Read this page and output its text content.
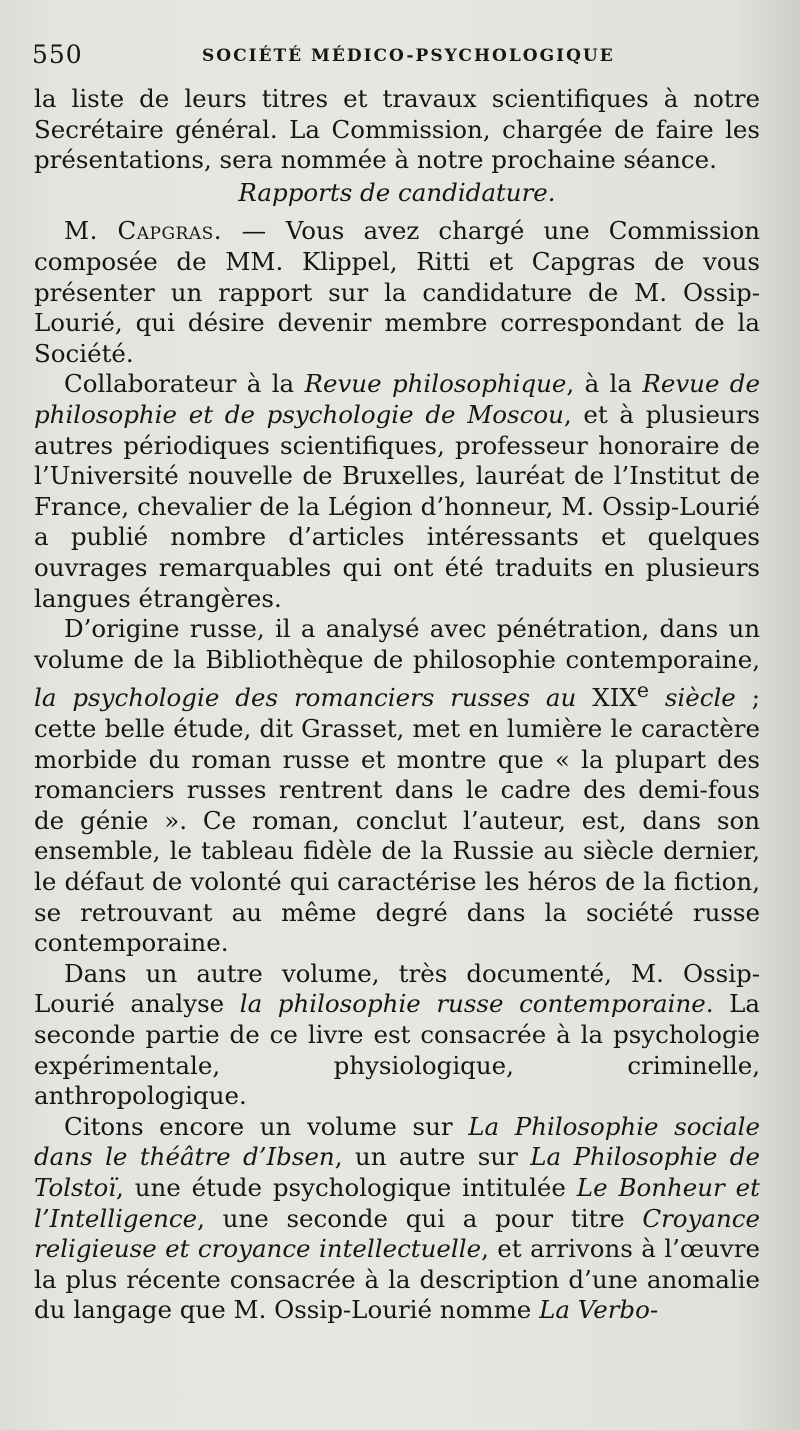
550	SOCIÉTÉ MÉDICO-PSYCHOLOGIQUE

la liste de leurs titres et travaux scientifiques à notre Secrétaire général. La Commission, chargée de faire les présentations, sera nommée à notre prochaine séance.

Rapports de candidature.

M. Capgras. — Vous avez chargé une Commission composée de MM. Klippel, Ritti et Capgras de vous présenter un rapport sur la candidature de M. Ossip-Lourié, qui désire devenir membre correspondant de la Société.

Collaborateur à la Revue philosophique, à la Revue de philosophie et de psychologie de Moscou, et à plusieurs autres périodiques scientifiques, professeur honoraire de l’Université nouvelle de Bruxelles, lauréat de l’Institut de France, chevalier de la Légion d’honneur, M. Ossip-Lourié a publié nombre d’articles intéressants et quelques ouvrages remarquables qui ont été traduits en plusieurs langues étrangères.

D’origine russe, il a analysé avec pénétration, dans un volume de la Bibliothèque de philosophie contemporaine, la psychologie des romanciers russes au XIXe siècle ; cette belle étude, dit Grasset, met en lumière le caractère morbide du roman russe et montre que « la plupart des romanciers russes rentrent dans le cadre des demi-fous de génie ». Ce roman, conclut l’auteur, est, dans son ensemble, le tableau fidèle de la Russie au siècle dernier, le défaut de volonté qui caractérise les héros de la fiction, se retrouvant au même degré dans la société russe contemporaine.

Dans un autre volume, très documenté, M. Ossip-Lourié analyse la philosophie russe contemporaine. La seconde partie de ce livre est consacrée à la psychologie expérimentale, physiologique, criminelle, anthropologique.

Citons encore un volume sur La Philosophie sociale dans le théâtre d’Ibsen, un autre sur La Philosophie de Tolstoï, une étude psychologique intitulée Le Bonheur et l’Intelligence, une seconde qui a pour titre Croyance religieuse et croyance intellectuelle, et arrivons à l’œuvre la plus récente consacrée à la description d’une anomalie du langage que M. Ossip-Lourié nomme La Verbo-
